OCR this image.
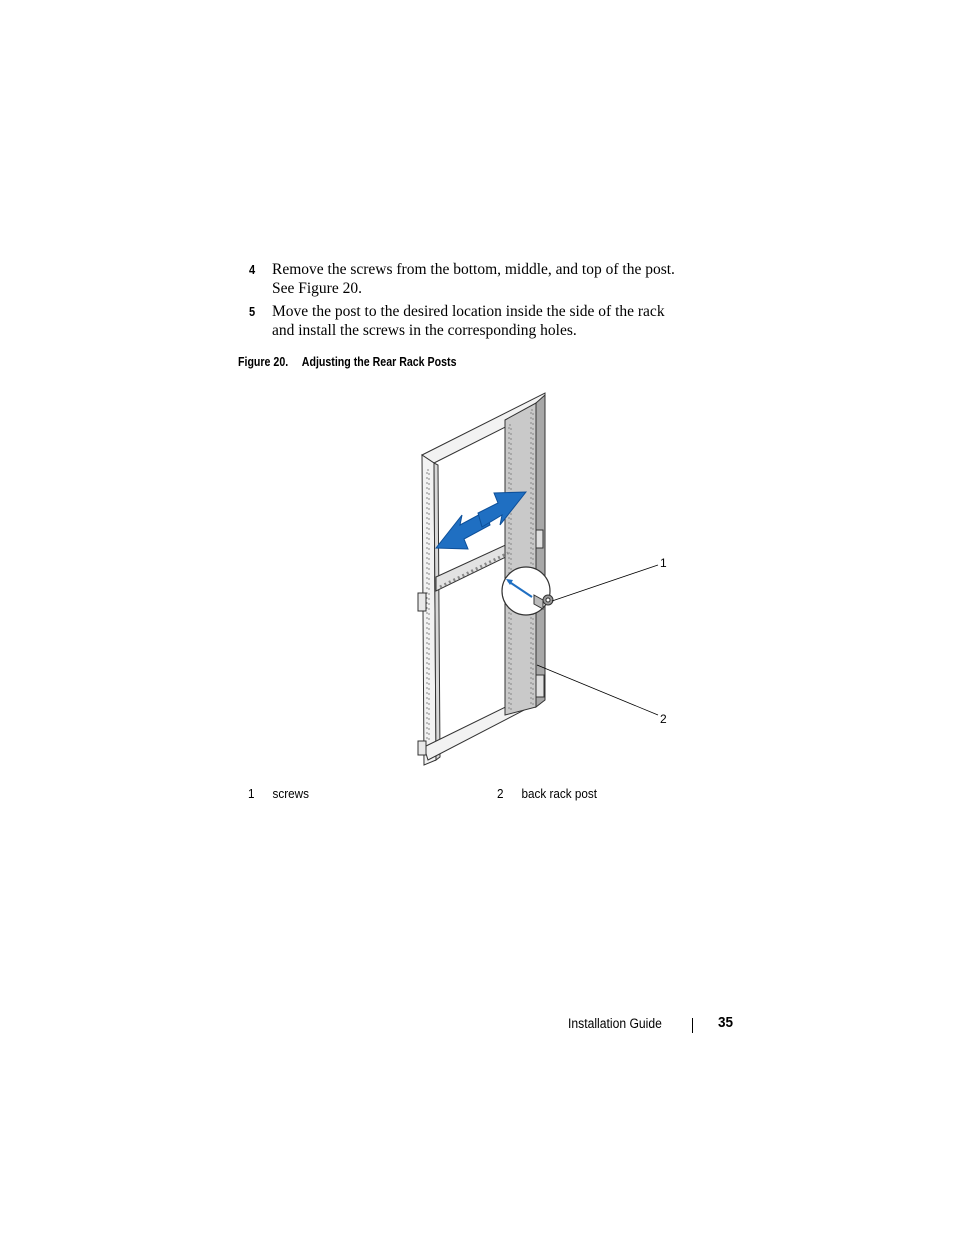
4	Remove the screws from the bottom, middle, and top of the post.
See Figure 20.
5	Move the post to the desired location inside the side of the rack
and install the screws in the corresponding holes.
Figure 20. Adjusting the Rear Rack Posts
1
2
1 screws	2 back rack post
Installation Guide	35
